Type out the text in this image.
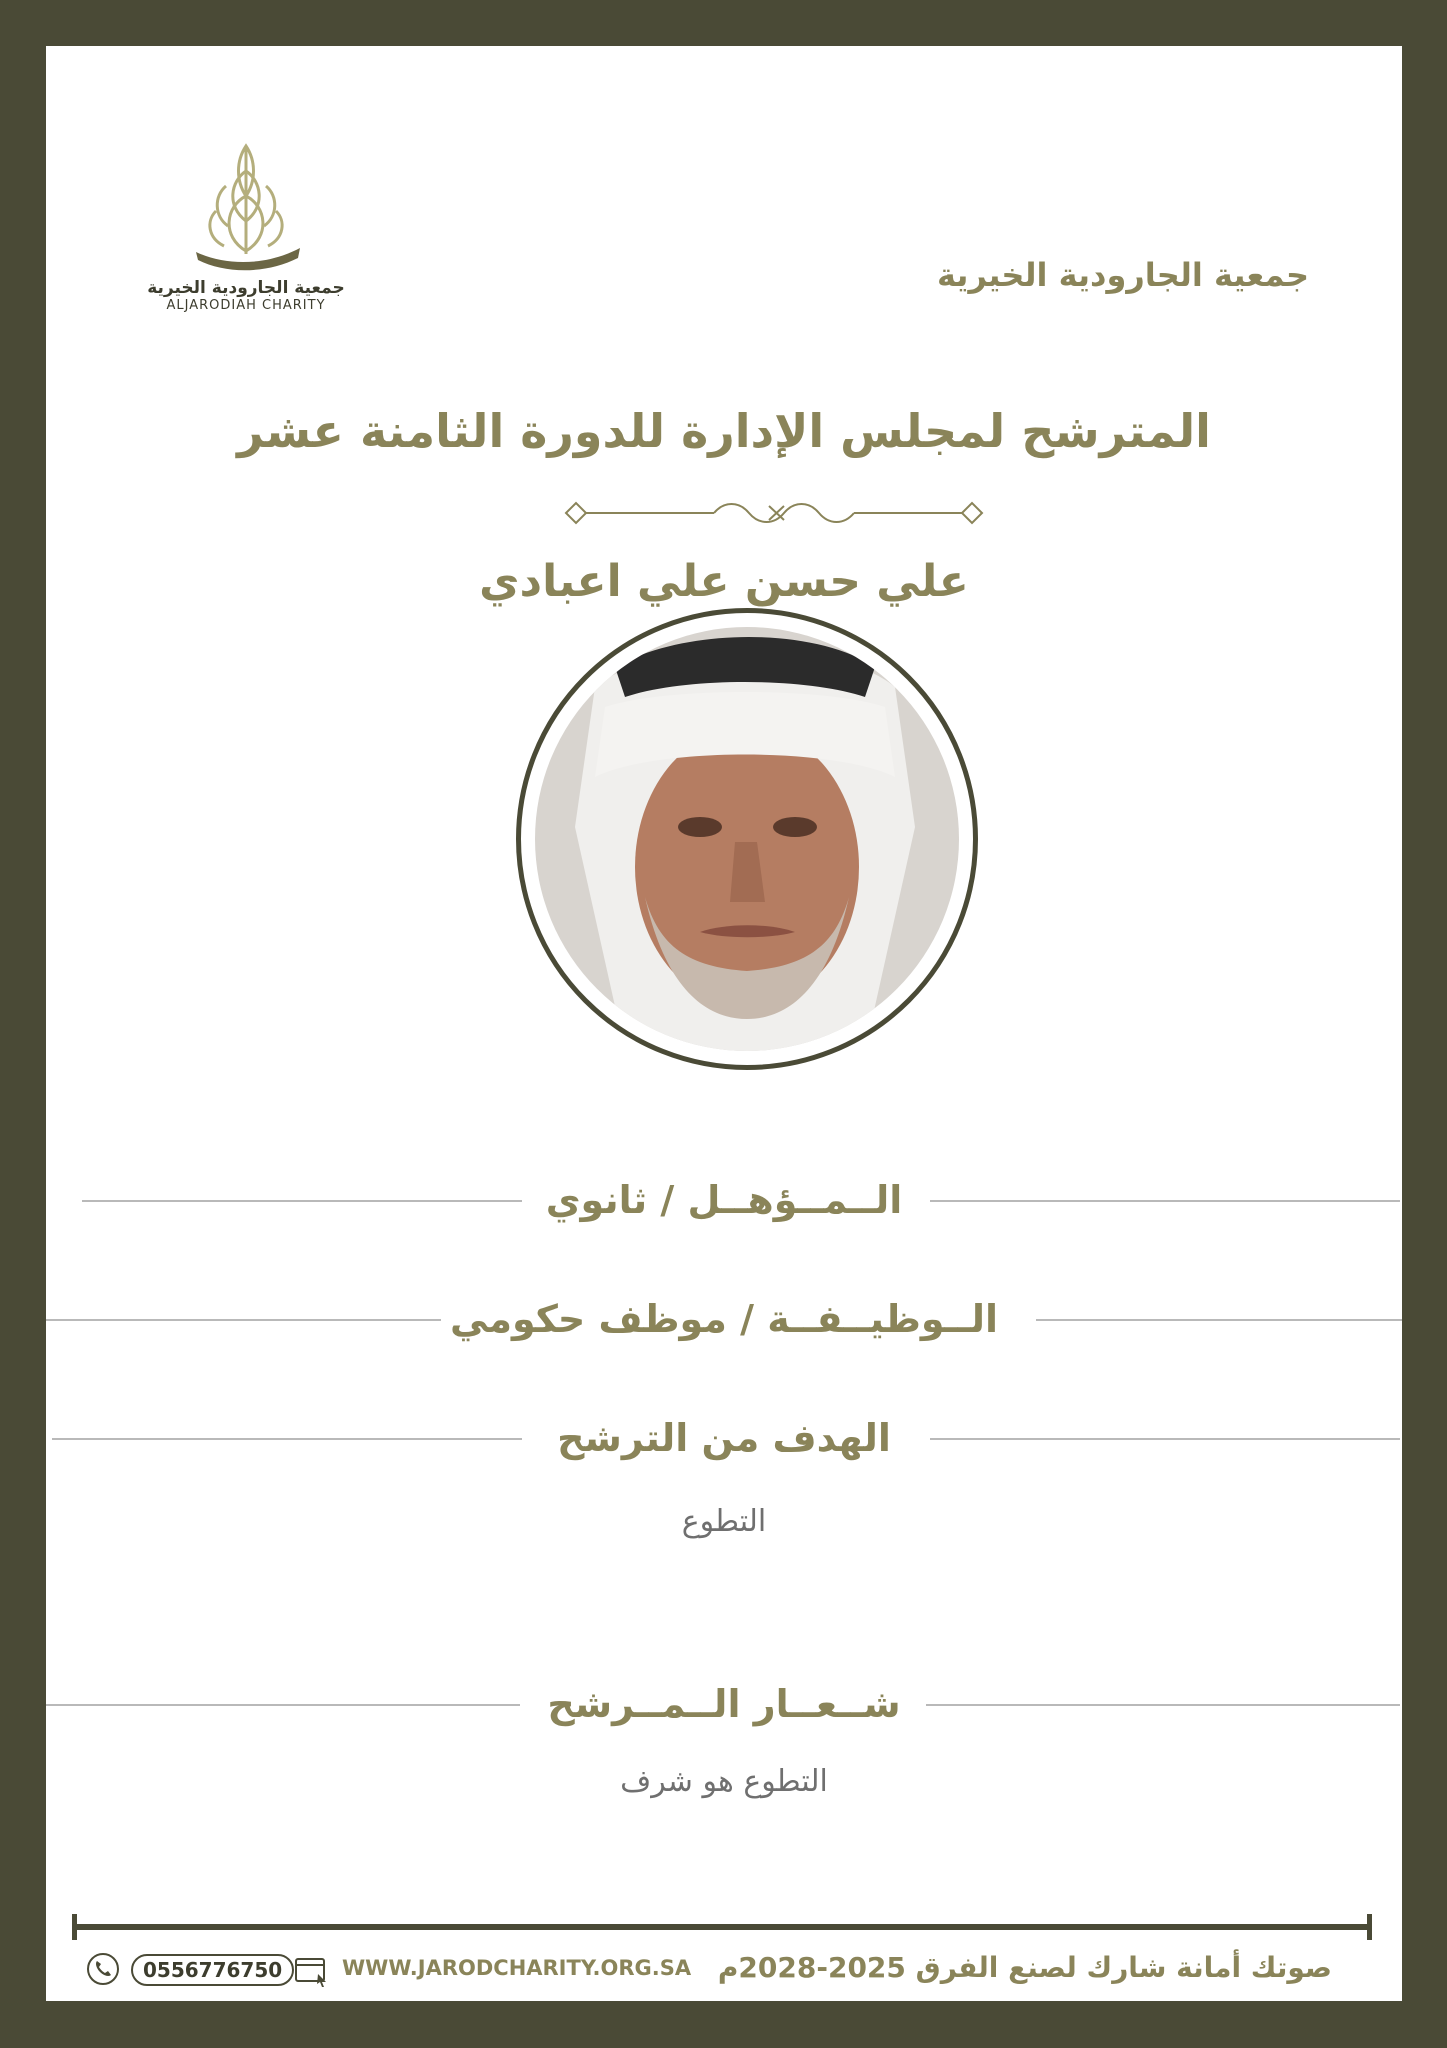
جمعية الجارودية الخيرية
ALJARODIAH CHARITY
جمعية الجارودية الخيرية
المترشح لمجلس الإدارة للدورة الثامنة عشر
علي حسن علي اعبادي
الــمــؤهــل / ثانوي
الــوظيــفــة / موظف حكومي
الهدف من الترشح
التطوع
شــعــار الــمــرشح
التطوع هو شرف
صوتك أمانة شارك لصنع الفرق 2025-2028م
WWW.JARODCHARITY.ORG.SA
0556776750
